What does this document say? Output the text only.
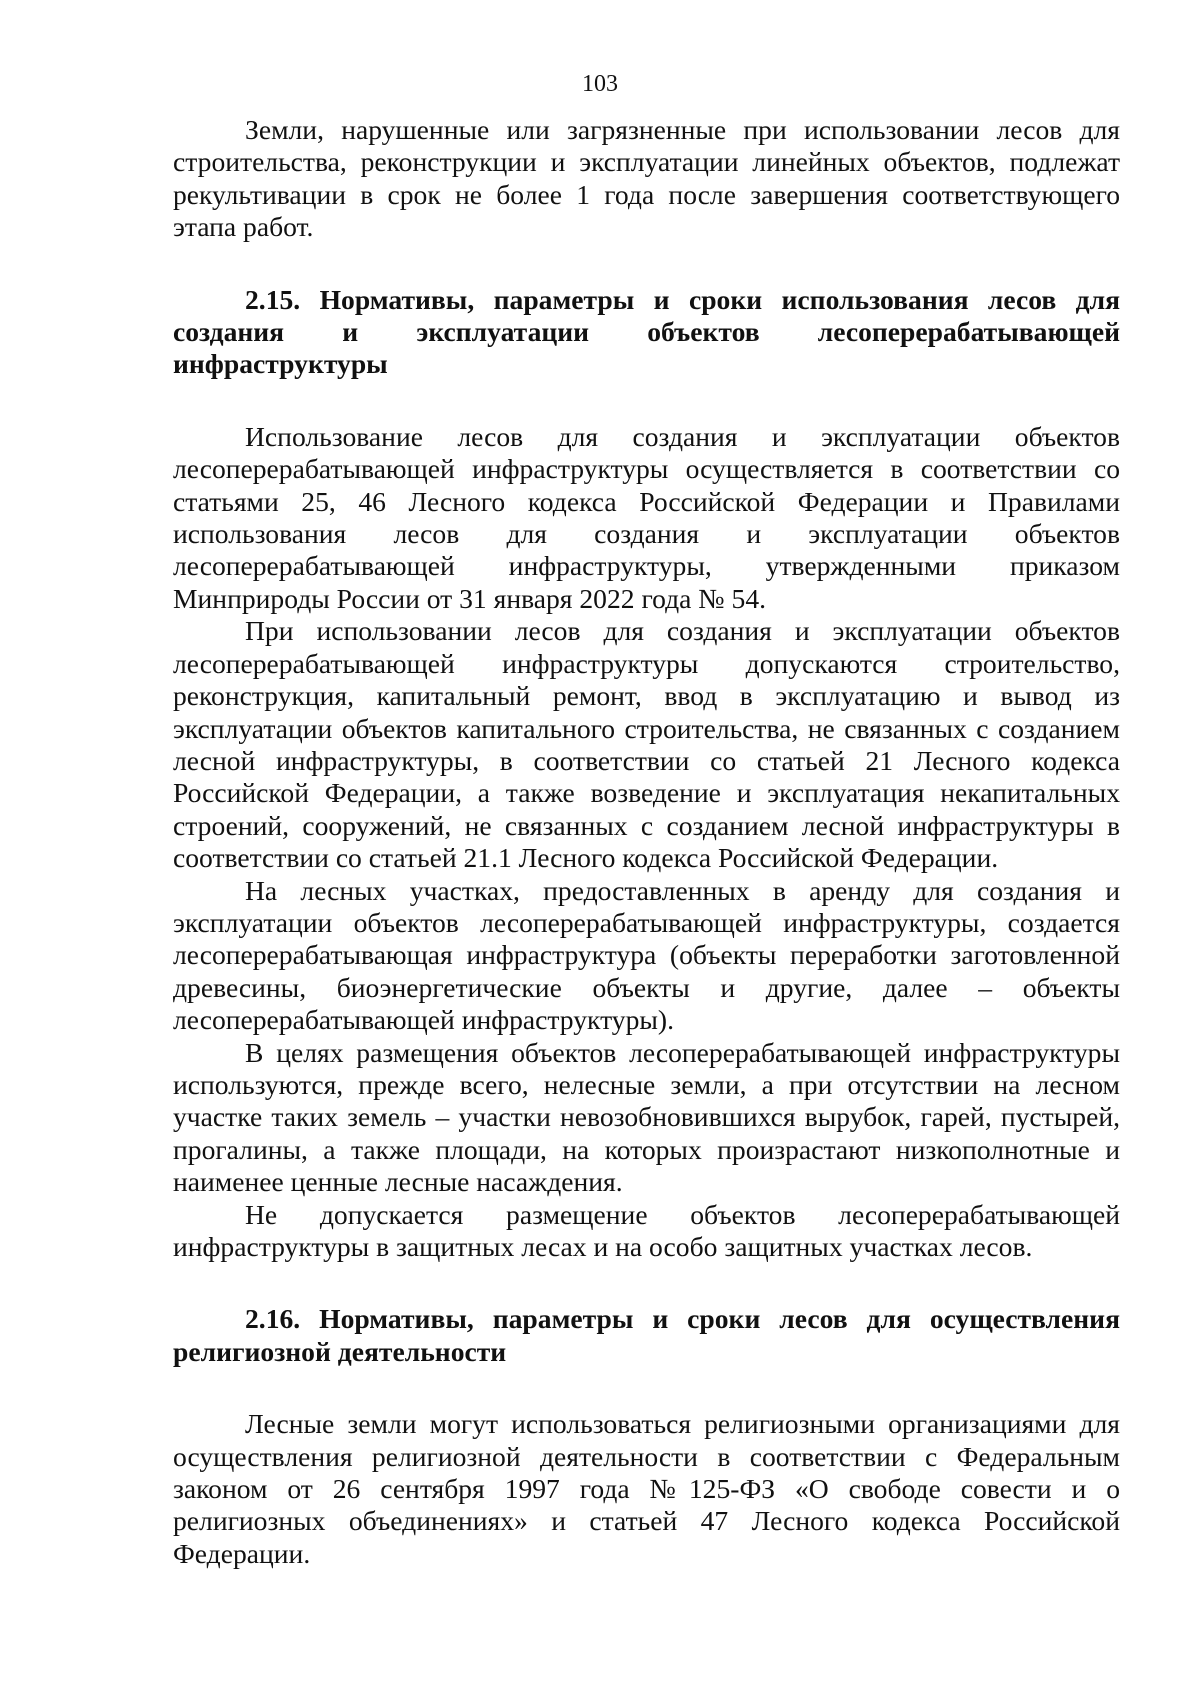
103

Земли, нарушенные или загрязненные при использовании лесов для строительства, реконструкции и эксплуатации линейных объектов, подлежат рекультивации в срок не более 1 года после завершения соответствующего этапа работ.

2.15. Нормативы, параметры и сроки использования лесов для создания и эксплуатации объектов лесоперерабатывающей инфраструктуры

Использование лесов для создания и эксплуатации объектов лесоперерабатывающей инфраструктуры осуществляется в соответствии со статьями 25, 46 Лесного кодекса Российской Федерации и Правилами использования лесов для создания и эксплуатации объектов лесоперерабатывающей инфраструктуры, утвержденными приказом Минприроды России от 31 января 2022 года № 54.

При использовании лесов для создания и эксплуатации объектов лесоперерабатывающей инфраструктуры допускаются строительство, реконструкция, капитальный ремонт, ввод в эксплуатацию и вывод из эксплуатации объектов капитального строительства, не связанных с созданием лесной инфраструктуры, в соответствии со статьей 21 Лесного кодекса Российской Федерации, а также возведение и эксплуатация некапитальных строений, сооружений, не связанных с созданием лесной инфраструктуры в соответствии со статьей 21.1 Лесного кодекса Российской Федерации.

На лесных участках, предоставленных в аренду для создания и эксплуатации объектов лесоперерабатывающей инфраструктуры, создается лесоперерабатывающая инфраструктура (объекты переработки заготовленной древесины, биоэнергетические объекты и другие, далее – объекты лесоперерабатывающей инфраструктуры).

В целях размещения объектов лесоперерабатывающей инфраструктуры используются, прежде всего, нелесные земли, а при отсутствии на лесном участке таких земель – участки невозобновившихся вырубок, гарей, пустырей, прогалины, а также площади, на которых произрастают низкополнотные и наименее ценные лесные насаждения.

Не допускается размещение объектов лесоперерабатывающей инфраструктуры в защитных лесах и на особо защитных участках лесов.

2.16. Нормативы, параметры и сроки лесов для осуществления религиозной деятельности

Лесные земли могут использоваться религиозными организациями для осуществления религиозной деятельности в соответствии с Федеральным законом от 26 сентября 1997 года №125-ФЗ «О свободе совести и о религиозных объединениях» и статьей 47 Лесного кодекса Российской Федерации.
